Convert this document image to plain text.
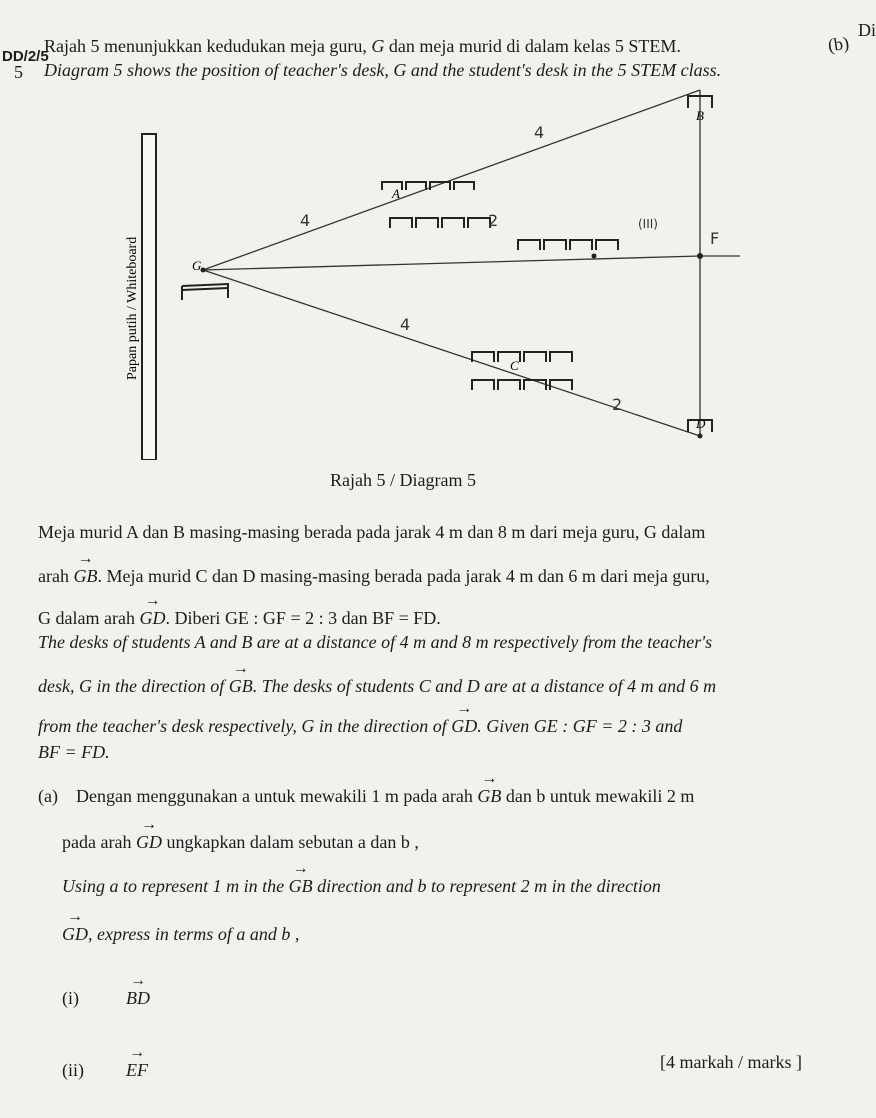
DD/2/5
5
(b)
Di
Rajah 5 menunjukkan kedudukan meja guru, G dan meja murid di dalam kelas 5 STEM.
Diagram 5 shows the position of teacher's desk, G and the student's desk in the 5 STEM class.
Papan putih / Whiteboard	G
A
B
C
D
4
4	2
4
2
F
(III)
Rajah 5 / Diagram 5
Meja murid A dan B masing-masing berada pada jarak 4 m dan 8 m dari meja guru, G dalam
arah → GB. Meja murid C dan D masing-masing berada pada jarak 4 m dan 6 m dari meja guru,
G dalam arah → GD. Diberi GE : GF = 2 : 3 dan BF = FD.
The desks of students A and B are at a distance of 4 m and 8 m respectively from the teacher's
desk, G in the direction of → GB. The desks of students C and D are at a distance of 4 m and 6 m
from the teacher's desk respectively, G in the direction of → GD. Given GE : GF = 2 : 3 and
BF = FD.
(a) Dengan menggunakan a untuk mewakili 1 m pada arah → GB dan b untuk mewakili 2 m
pada arah → GD ungkapkan dalam sebutan a dan b ,
Using a to represent 1 m in the → GB direction and b to represent 2 m in the direction
→ GD, express in terms of a and b ,
(i)	→ BD
(ii) → EF	[4 markah / marks ]
